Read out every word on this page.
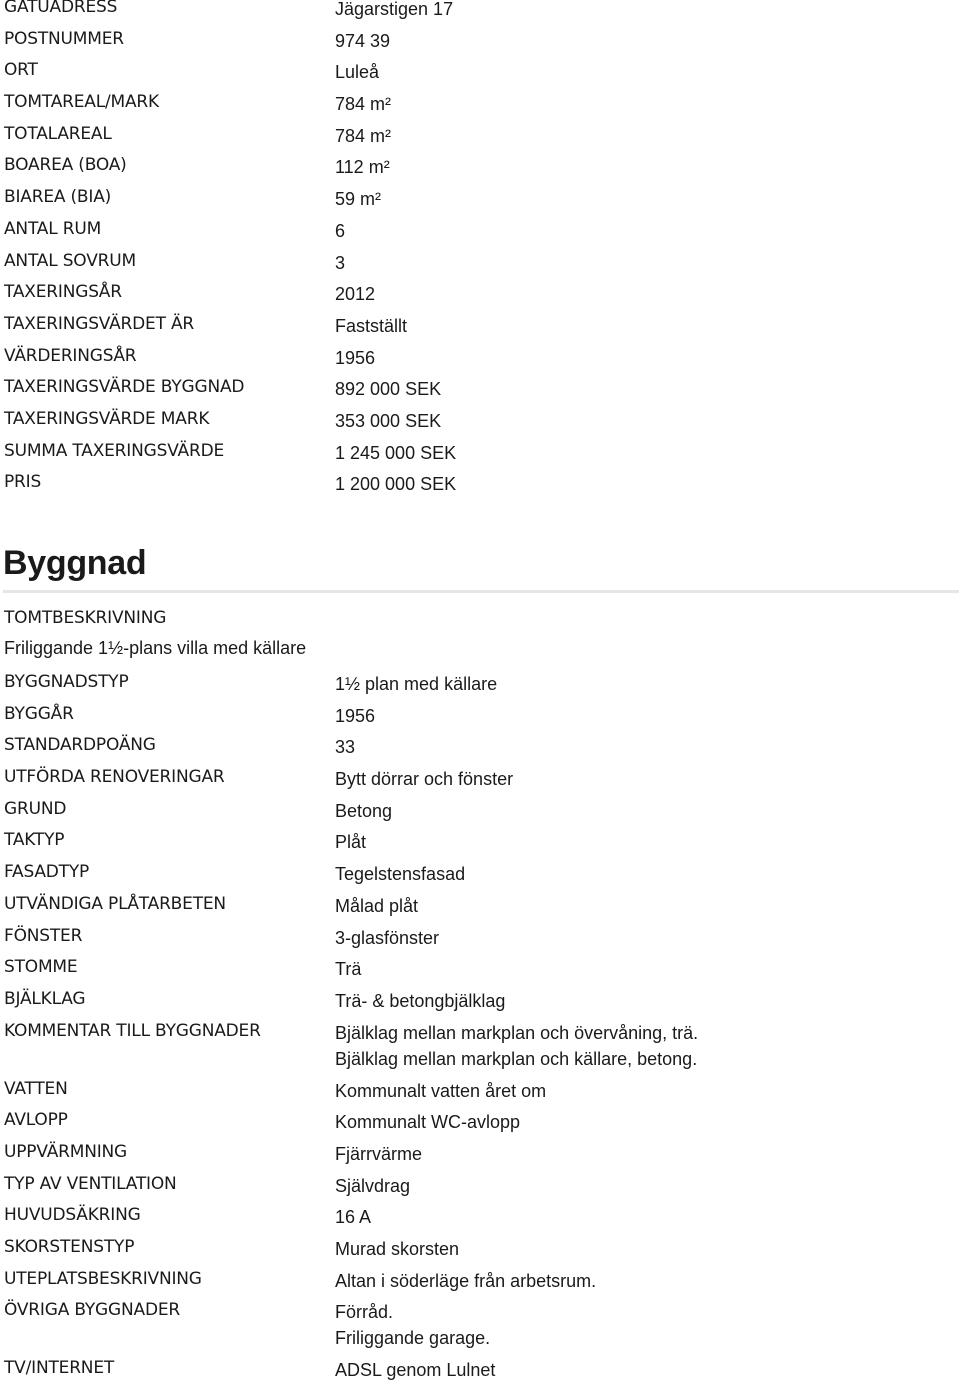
GATUADRESS	Jägarstigen 17
POSTNUMMER	974 39
ORT	Luleå
TOMTAREAL/MARK	784 m²
TOTALAREAL	784 m²
BOAREA (BOA)	112 m²
BIAREA (BIA)	59 m²
ANTAL RUM	6
ANTAL SOVRUM	3
TAXERINGSÅR	2012
TAXERINGSVÄRDET ÄR	Fastställt
VÄRDERINGSÅR	1956
TAXERINGSVÄRDE BYGGNAD	892 000 SEK
TAXERINGSVÄRDE MARK	353 000 SEK
SUMMA TAXERINGSVÄRDE	1 245 000 SEK
PRIS	1 200 000 SEK
Byggnad
TOMTBESKRIVNING
Friliggande 1½-plans villa med källare
BYGGNADSTYP	1½ plan med källare
BYGGÅR	1956
STANDARDPOÄNG	33
UTFÖRDA RENOVERINGAR	Bytt dörrar och fönster
GRUND	Betong
TAKTYP	Plåt
FASADTYP	Tegelstensfasad
UTVÄNDIGA PLÅTARBETEN	Målad plåt
FÖNSTER	3-glasfönster
STOMME	Trä
BJÄLKLAG	Trä- & betongbjälklag
KOMMENTAR TILL BYGGNADER	Bjälklag mellan markplan och övervåning, trä.
Bjälklag mellan markplan och källare, betong.
VATTEN	Kommunalt vatten året om
AVLOPP	Kommunalt WC-avlopp
UPPVÄRMNING	Fjärrvärme
TYP AV VENTILATION	Självdrag
HUVUDSÄKRING	16 A
SKORSTENSTYP	Murad skorsten
UTEPLATSBESKRIVNING	Altan i söderläge från arbetsrum.
ÖVRIGA BYGGNADER	Förråd.
Friliggande garage.
TV/INTERNET	ADSL genom Lulnet
